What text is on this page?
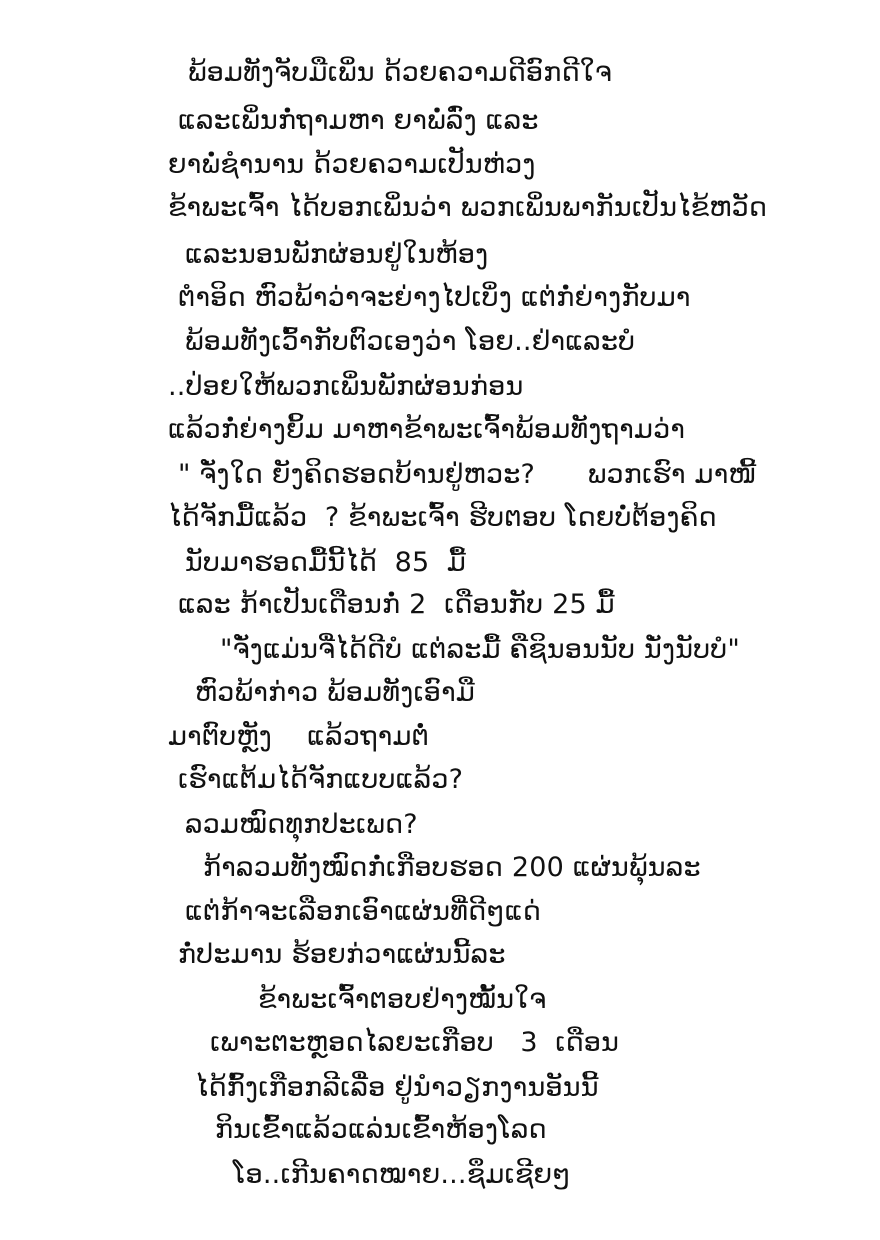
ພ້ອມທັງຈັບມືເພິ່ນ ດ້ວຍຄວາມດີອົກດີໃຈ
ແລະເພິ່ນກໍ່ຖາມຫາ ຍາພໍ່ລົ່ງ ແລະ
ຍາພໍ່ຊໍານານ ດ້ວຍຄວາມເປັນຫ່ວງ
ຂ້າພະເຈົ້າ ໄດ້ບອກເພິ່ນວ່າ ພວກເພິ່ນພາກັນເປັນໄຂ້ຫວັດ
ແລະນອນພັກຜ່ອນຢູ່ໃນຫ້ອງ
ຕໍາອິດ ຫົວພ້າວ່າຈະຍ່າງໄປເບິ່ງ ແຕ່ກໍ່ຍ່າງກັບມາ
ພ້ອມທັງເວົ້າກັບຕົວເອງວ່າ ໂອຍ..ຢ່າແລະບໍ
..ປ່ອຍໃຫ້ພວກເພິ່ນພັກຜ່ອນກ່ອນ
ແລ້ວກໍ່ຍ່າງຍິ້ມ ມາຫາຂ້າພະເຈົ້າພ້ອມທັງຖາມວ່າ
" ຈັ່ງໃດ ຍັງຄິດຮອດບ້ານຢູ່ຫວະ?      ພວກເຮົາ ມາໜີ້
ໄດ້ຈັກມື້ແລ້ວ  ? ຂ້າພະເຈົ້າ ຮີບຕອບ ໂດຍບໍ່ຕ້ອງຄິດ
ນັບມາຮອດມື້ນີ້ໄດ້  85  ມື້
ແລະ ກ້າເປັນເດືອນກໍ່ 2  ເດືອນກັບ 25 ມື້
"ຈັ່ງແມ່ນຈື່ໄດ້ດີບໍ ແຕ່ລະມື້ ຄືຊິນອນນັບ ນັ່ງນັບບໍ"
ຫົວພ້າກ່າວ ພ້ອມທັງເອົາມື
ມາຕົບຫຼັງ    ແລ້ວຖາມຕໍ່
ເຮົາແຕ້ມໄດ້ຈັກແບບແລ້ວ?
ລວມໝົດທຸກປະເພດ?
ກ້າລວມທັງໝົດກໍ່ເກືອບຮອດ 200 ແຜ່ນພຸ້ນລະ
ແຕ່ກ້າຈະເລືອກເອົາແຜ່ນທີ່ດີໆແດ່
ກໍ່ປະມານ ຮ້ອຍກ່ວາແຜ່ນນີ້ລະ
ຂ້າພະເຈົ້າຕອບຢ່າງໝັ້ນໃຈ
ເພາະຕະຫຼອດໄລຍະເກືອບ   3  ເດືອນ
ໄດ້ກົ້ງເກືອກລີເລື່ອ ຢູ່ນໍາວຽກງານອັນນີ້
ກິນເຂົ້າແລ້ວແລ່ນເຂົ້າຫ້ອງໂລດ
ໂອ..ເກີນຄາດໝາຍ...ຊຶມເຊີຍໆ
